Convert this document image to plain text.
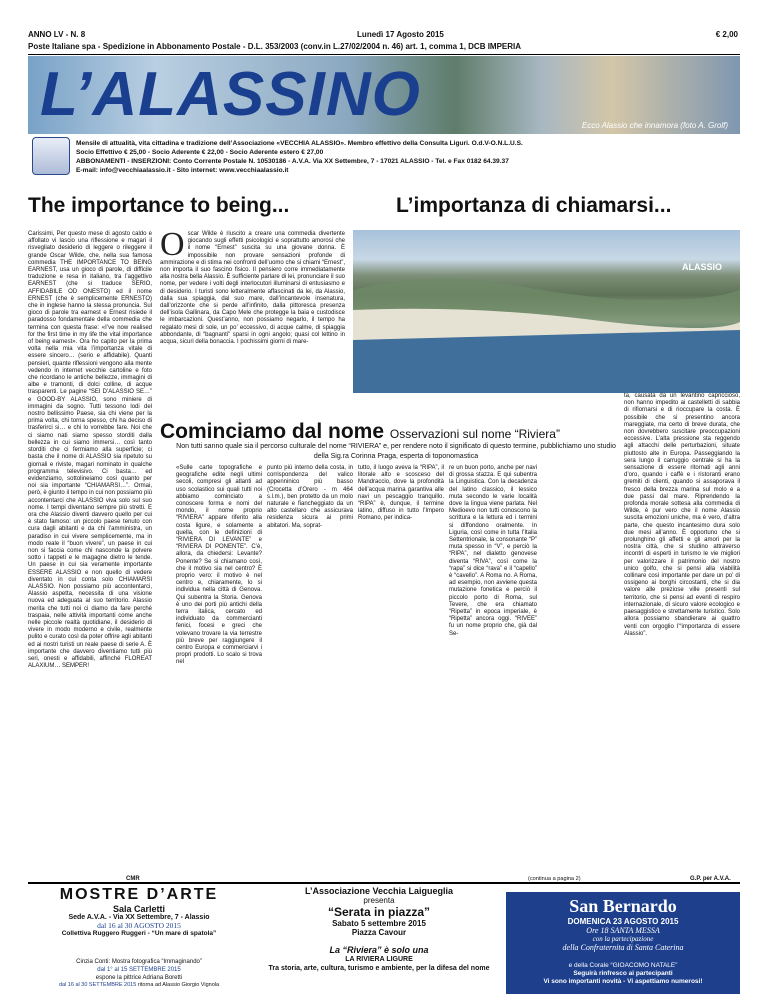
ANNO LV - N. 8	Lunedì 17 Agosto 2015	€ 2,00
Poste Italiane spa - Spedizione in Abbonamento Postale - D.L. 353/2003 (conv.in L.27/02/2004 n. 46) art. 1, comma 1, DCB IMPERIA
L’ALASSINO	Ecco Alassio che innamora (foto A. Grolf)
Mensile di attualità, vita cittadina e tradizione dell’Associazione «VECCHIA ALASSIO». Membro effettivo della Consulta Liguri. O.d.V-O.N.L.U.S.
Socio Effettivo € 25,00 - Socio Aderente € 22,00 - Socio Aderente estero € 27,00
ABBONAMENTI - INSERZIONI: Conto Corrente Postale N. 10530186 - A.V.A. Via XX Settembre, 7 - 17021 ALASSIO - Tel. e Fax 0182 64.39.37
E-mail: info@vecchiaalassio.it - Sito internet: www.vecchiaalassio.it
The importance to being...	L’importanza di chiamarsi...

Carissimi, Per questo mese di agosto caldo e affollato vi lascio una riflessione e magari il risvegliato desiderio di leggere o rileggere il grande Oscar Wilde, che, nella sua famosa commedia THE IMPORTANCE TO BEING EARNEST, usa un gioco di parole, di difficile traduzione e resa in italiano, tra l’aggettivo EARNEST (che si traduce SERIO, AFFIDABILE OD ONESTO) ed il nome ERNEST (che è semplicemente ERNESTO) che in inglese hanno la stessa pronuncia. Sul gioco di parole tra earnest e Ernest risiede il paradosso fondamentale della commedia che termina con questa frase: «I’ve now realised for the first time in my life the vital importance of being earnest». Ora ho capito per la prima volta nella mia vita l’importanza vitale di essere sincero… (serio e affidabile). Quanti pensieri, quante riflessioni vengono alla mente vedendo in internet vecchie cartoline e foto che ricordano le antiche bellezze, immagini di albe e tramonti, di dolci colline, di acque trasparenti. Le pagine “SEI D’ALASSIO SE…” e GOOD-BY ALASSIO, sono miniere di immagini da sogno. Tutti tessono lodi del nostro bellissimo Paese, sia chi viene per la prima volta, chi torna spesso, chi ha deciso di trasferirci si… e chi lo vorrebbe fare. Noi che ci siamo nati siamo spesso storditi dalla bellezza in cui siamo immersi… così tanto storditi che ci fermiamo alla superficie; ci basta che il nome di ALASSIO sia ripetuto su giornali e riviste, magari nominato in qualche programma televisivo. Ci basta… ed evidenziamo, sottolineiamo così quanto per noi sia importante “CHIAMARSI…”. Ormai, però, è giunto il tempo in cui non possiamo più accontentarci che ALASSIO viva solo sul suo nome. I tempi diventano sempre più stretti. E ora che Alassio diventi davvero quello per cui è stato famoso: un piccolo paese tenuto con cura dagli abitanti e da chi l’amministra, un paradiso in cui vivere semplicemente, ma in modo reale il “buon vivere”, un paese in cui non si faccia come chi nasconde la polvere sotto i tappeti e le magagne dietro le tende. Un paese in cui sia veramente importante ESSERE ALASSIO e non quello di vedere diventato in cui conta solo CHIAMARSI ALASSIO. Non possiamo più accontentarci, Alassio aspetta, necessita di una visione nuova ed adeguata al suo territorio. Alassio merita che tutti noi ci diamo da fare perché traspaia, nelle attività importanti come anche nelle piccole realtà quotidiane, il desiderio di vivere in modo moderno e civile, realmente pulito e curato così da poter offrire agli abitanti ed ai nostri turisti un reale paese di serie A. È importante che davvero diventiamo tutti più seri, onesti e affidabili, affinché FLOREAT ALAXIUM… SEMPER!

CMR
Oscar Wilde è riuscito a creare una commedia divertente giocando sugli effetti psicologici e soprattutto amorosi che il nome “Ernest” suscita su una giovane donna. È impossibile non provare sensazioni profonde di ammirazione e di stima nei confronti dell’uomo che si chiami “Ernest”, non importa il suo fascino fisico. Il pensiero corre immediatamente alla nostra bella Alassio. È sufficiente parlare di lei, pronunciare il suo nome, per vedere i volti degli interlocutori illuminarsi di entusiasmo e di desiderio. I turisti sono letteralmente affascinati da lei, da Alassio, dalla sua spiaggia, dal suo mare, dall’incantevole insenatura, dall’orizzonte che si perde all’infinito, dalla pittoresca presenza dell’isola Gallinara, da Capo Mele che protegge la baia e custodisce le imbarcazioni. Quest’anno, non possiamo negarlo, il tempo ha regalato mesi di sole, un po’ eccessivo, di acque calme, di spiaggia abbondante, di “bagnanti” sparsi in ogni angolo; quasi col lettino in acqua, sicuri della bonaccia. I pochissimi giorni di mare-
ALASSIO

ta, causata da un levantino capriccioso, non hanno impedito ai castelletti di sabbia di rifiornarsi e di rioccupare la costa. È possibile che si presentino ancora mareggiate, ma certo di breve durata, che non dovrebbero suscitare preoccupazioni eccessive. L’alta pressione sta reggendo agli attacchi delle perturbazioni, situate piuttosto alte in Europa. Passeggiando la sera lungo il carruggio centrale si ha la sensazione di essere ritornati agli anni d’oro, quando i caffè e i ristoranti erano gremiti di clienti, quando si assaporava il fresco della brezza marina sul molo e a due passi dal mare. Riprendendo la profonda morale sottesa alla commedia di Wilde, è pur vero che il nome Alassio suscita emozioni uniche, ma è vero, d’altra parte, che questo incantesimo dura solo due mesi all’anno. È opportuno che si prolunghino gli affetti e gli amori per la nostra città, che si studino attraverso incontri di esperti in turismo le vie migliori per valorizzare il patrimonio del nostro unico golfo, che si pensi alla viabilità collinare così importante per dare un po’ di ossigeno ai borghi circostanti, che si dia valore alle preziose ville presenti sul territorio, che si pensi ad eventi di respiro internazionale, di sicuro valore ecologico e paesaggistico e strettamente turistico. Solo allora possiamo sbandierare ai quattro venti con orgoglio l’“importanza di essere Alassio”.

G.P. per A.V.A.
Cominciamo dal nome Osservazioni sul nome “Riviera”
Non tutti sanno quale sia il percorso culturale del nome “RIVIERA” e, per rendere noto il significato di questo termine, pubblichiamo uno studio della Sig.ra Corinna Praga, esperta di toponomastica
«Sulle carte topografiche e geografiche edite negli ultimi secoli, compresi gli atlanti ad uso scolastico sui quali tutti noi abbiamo cominciato a conoscere forma e nomi del mondo, il nome proprio “RIVIERA” appare riferito alla costa ligure, e solamente a quella, con le definizioni di “RIVIERA DI LEVANTE” e “RIVIERA DI PONENTE”. C’è, allora, da chiedersi: Levante? Ponente? Se si chiamano così, che il motivo sia nel centro? È proprio vero: il motivo è nel centro e, chiaramente, lo si individua nella città di Genova. Qui subentra la Storia. Genova è uno dei porti più antichi della terra italica, cercato ed individuato da commercianti fenici, focesi e greci che volevano trovare la via terrestre più breve per raggiungere il centro Europa e commerciarvi i propri prodotti. Lo scalo si trova nel
punto più interno della costa, in corrispondenza del valico appenninico più basso (Crocetta d’Orero - m 464 s.l.m.), ben protetto da un molo naturale e fiancheggiato da un alto castellaro che assicurava residenza sicura ai primi abitatori. Ma, soprat-
tutto, il luogo aveva la “RIPA”, il litorale alto e scosceso del Mandraccio, dove la profondità dell’acqua marina garantiva alle navi un pescaggio tranquillo. “RIPA” è, dunque, il termine latino, diffuso in tutto l’Impero Romano, per indica-
re un buon porto, anche per navi di grossa stazza. E qui subentra la Linguistica. Con la decadenza del latino classico, il lessico muta secondo le varie località dove la lingua viene parlata. Nel Medioevo non tutti conoscono la scrittura e la lettura ed i termini si diffondono oralmente. In Liguria, così come in tutta l’Italia Settentrionale, la consonante “P” muta spesso in “V”, e perciò la “RIPA”, nel dialetto genovese diventa “RIVA”, così come la “rapa” si dice “rava” e il “capello” è “cavello”. A Roma no. A Roma, ad esempio, non avviene questa mutazione fonetica e perciò il piccolo porto di Roma, sul Tevere, che era chiamato “Ripetta” in epoca imperiale, è “Ripetta” ancora oggi. “RIVEE” fu un nome proprio che, già dal Se-
(continua a pagina 2)
MOSTRE D’ARTE
Sala Carletti
Sede A.V.A. - Via XX Settembre, 7 - Alassio
dal 16 al 30 AGOSTO 2015
Collettiva Ruggero Ruggeri - “Un mare di spatola”
L’Associazione Vecchia Laigueglia
presenta
“Serata in piazza”
Sabato 5 settembre 2015
Piazza Cavour
San Bernardo
DOMENICA 23 AGOSTO 2015
Ore 18 SANTA MESSA
con la partecipazione
della Confraternita di Santa Caterina
Cinzia Conti: Mostra fotografica “Immaginando”
dal 1° al 15 SETTEMBRE 2015
espone la pittrice Adriana Boretti
dal 16 al 30 SETTEMBRE 2015 ritorna ad Alassio Giorgio Vignola
La “Riviera” è solo una
LA RIVIERA LIGURE
Tra storia, arte, cultura, turismo e ambiente, per la difesa del nome	e della Corale “GIOACOMO NATALE”
Seguirà rinfresco ai partecipanti
Vi sono importanti novità - Vi aspettiamo numerosi!
